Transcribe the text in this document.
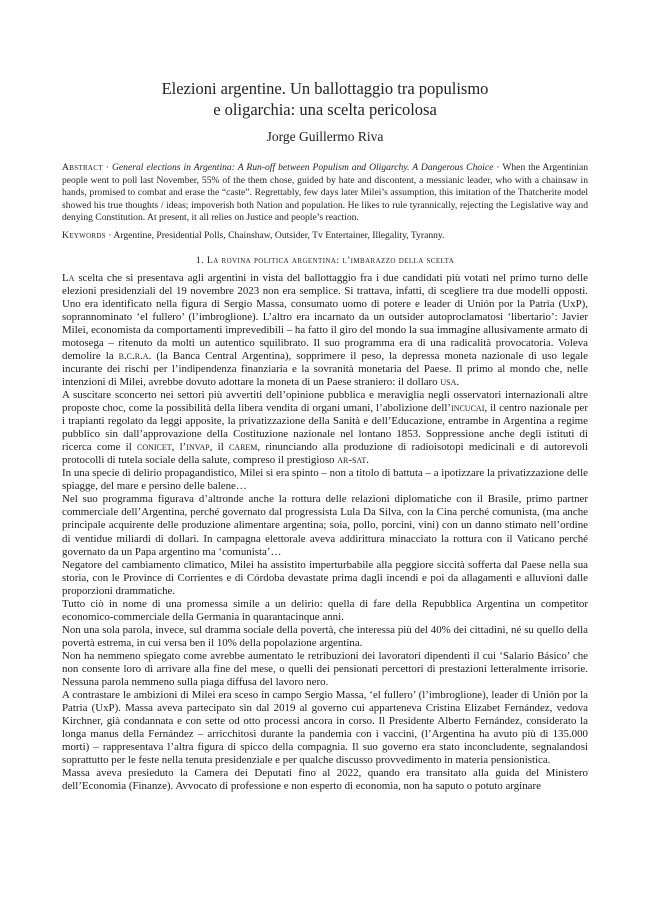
Elezioni argentine. Un ballottaggio tra populismo
e oligarchia: una scelta pericolosa
Jorge Guillermo Riva
Abstract · General elections in Argentina: A Run-off between Populism and Oligarchy. A Dangerous Choice · When the Argentinian people went to poll last November, 55% of the them chose, guided by hate and discontent, a messianic leader, who with a chainsaw in hands, promised to combat and erase the “caste”. Regrettably, few days later Milei’s assumption, this imitation of the Thatcherite model showed his true thoughts / ideas; impoverish both Nation and population. He likes to rule tyrannically, rejecting the Legislative way and denying Constitution. At present, it all relies on Justice and people’s reaction.
Keywords · Argentine, Presidential Polls, Chainshaw, Outsider, Tv Entertainer, Illegality, Tyranny.
1. La rovina politica argentina: l’imbarazzo della scelta

La scelta che si presentava agli argentini in vista del ballottaggio fra i due candidati più votati nel primo turno delle elezioni presidenziali del 19 novembre 2023 non era semplice. Si trattava, infatti, di scegliere tra due modelli opposti. Uno era identificato nella figura di Sergio Massa, consumato uomo di potere e leader di Unión por la Patria (UxP), soprannominato ‘el fullero’ (l’imbroglione). L’altro era incarnato da un outsider autoproclamatosi ‘libertario’: Javier Milei, economista da comportamenti imprevedibili – ha fatto il giro del mondo la sua immagine allusivamente armato di motosega – ritenuto da molti un autentico squilibrato. Il suo programma era di una radicalità provocatoria. Voleva demolire la b.c.r.a. (la Banca Central Argentina), sopprimere il peso, la depressa moneta nazionale di uso legale incurante dei rischi per l’indipendenza finanziaria e la sovranità monetaria del Paese. Il primo al mondo che, nelle intenzioni di Milei, avrebbe dovuto adottare la moneta di un Paese straniero: il dollaro usa.

A suscitare sconcerto nei settori più avvertiti dell’opinione pubblica e meraviglia negli osservatori internazionali altre proposte choc, come la possibilità della libera vendita di organi umani, l’abolizione dell’incucai, il centro nazionale per i trapianti regolato da leggi apposite, la privatizzazione della Sanità e dell’Educazione, entrambe in Argentina a regime pubblico sin dall’approvazione della Costituzione nazionale nel lontano 1853. Soppressione anche degli istituti di ricerca come il conicet, l’invap, il carem, rinunciando alla produzione di radioisotopi medicinali e di autorevoli protocolli di tutela sociale della salute, compreso il prestigioso ar-sat.

In una specie di delirio propagandistico, Milei si era spinto – non a titolo di battuta – a ipotizzare la privatizzazione delle spiagge, del mare e persino delle balene…

Nel suo programma figurava d’altronde anche la rottura delle relazioni diplomatiche con il Brasile, primo partner commerciale dell’Argentina, perché governato dal progressista Lula Da Silva, con la Cina perché comunista, (ma anche principale acquirente delle produzione alimentare argentina; soia, pollo, porcini, vini) con un danno stimato nell’ordine di ventidue miliardi di dollari. In campagna elettorale aveva addirittura minacciato la rottura con il Vaticano perché governato da un Papa argentino ma ‘comunista’…

Negatore del cambiamento climatico, Milei ha assistito imperturbabile alla peggiore siccità sofferta dal Paese nella sua storia, con le Province di Corrientes e di Córdoba devastate prima dagli incendi e poi da allagamenti e alluvioni dalle proporzioni drammatiche.

Tutto ciò in nome di una promessa simile a un delirio: quella di fare della Repubblica Argentina un competitor economico-commerciale della Germania in quarantacinque anni.

Non una sola parola, invece, sul dramma sociale della povertà, che interessa più del 40% dei cittadini, né su quello della povertà estrema, in cui versa ben il 10% della popolazione argentina.

Non ha nemmeno spiegato come avrebbe aumentato le retribuzioni dei lavoratori dipendenti il cui ‘Salario Básico’ che non consente loro di arrivare alla fine del mese, o quelli dei pensionati percettori di prestazioni letteralmente irrisorie. Nessuna parola nemmeno sulla piaga diffusa del lavoro nero.

A contrastare le ambizioni di Milei era sceso in campo Sergio Massa, ‘el fullero’ (l’imbroglione), leader di Unión por la Patria (UxP). Massa aveva partecipato sin dal 2019 al governo cui apparteneva Cristina Elizabet Fernández, vedova Kirchner, già condannata e con sette od otto processi ancora in corso. Il Presidente Alberto Fernández, considerato la longa manus della Fernández – arricchitosi durante la pandemia con i vaccini, (l’Argentina ha avuto più di 135.000 morti) – rappresentava l’altra figura di spicco della compagnia. Il suo governo era stato inconcludente, segnalandosi soprattutto per le feste nella tenuta presidenziale e per qualche discusso provvedimento in materia pensionistica.

Massa aveva presieduto la Camera dei Deputati fino al 2022, quando era transitato alla guida del Ministero dell’Economia (Finanze). Avvocato di professione e non esperto di economia, non ha saputo o potuto arginare
